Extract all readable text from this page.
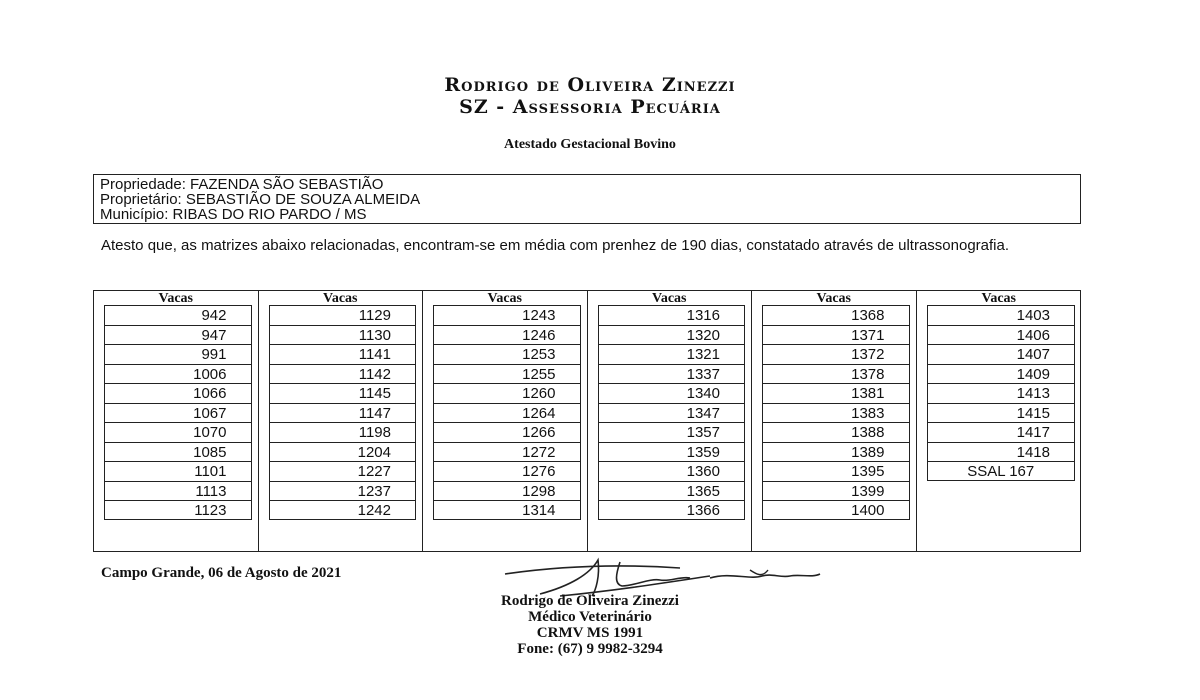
Rodrigo de Oliveira Zinezzi
SZ - Assessoria Pecuária
Atestado Gestacional Bovino
Propriedade: FAZENDA SÃO SEBASTIÃO
Proprietário: SEBASTIÃO DE SOUZA ALMEIDA
Município: RIBAS DO RIO PARDO / MS
Atesto que, as matrizes abaixo relacionadas, encontram-se em média com prenhez de 190 dias, constatado através de ultrassonografia.
Vacas
942
947
991
1006
1066
1067
1070
1085
1101
1113
1123
Vacas
1129
1130
1141
1142
1145
1147
1198
1204
1227
1237
1242
Vacas
1243
1246
1253
1255
1260
1264
1266
1272
1276
1298
1314
Vacas
1316
1320
1321
1337
1340
1347
1357
1359
1360
1365
1366
Vacas
1368
1371
1372
1378
1381
1383
1388
1389
1395
1399
1400
Vacas
1403
1406
1407
1409
1413
1415
1417
1418
SSAL 167
Campo Grande, 06 de Agosto de 2021
Rodrigo de Oliveira Zinezzi
Médico Veterinário
CRMV MS 1991
Fone: (67) 9 9982-3294
